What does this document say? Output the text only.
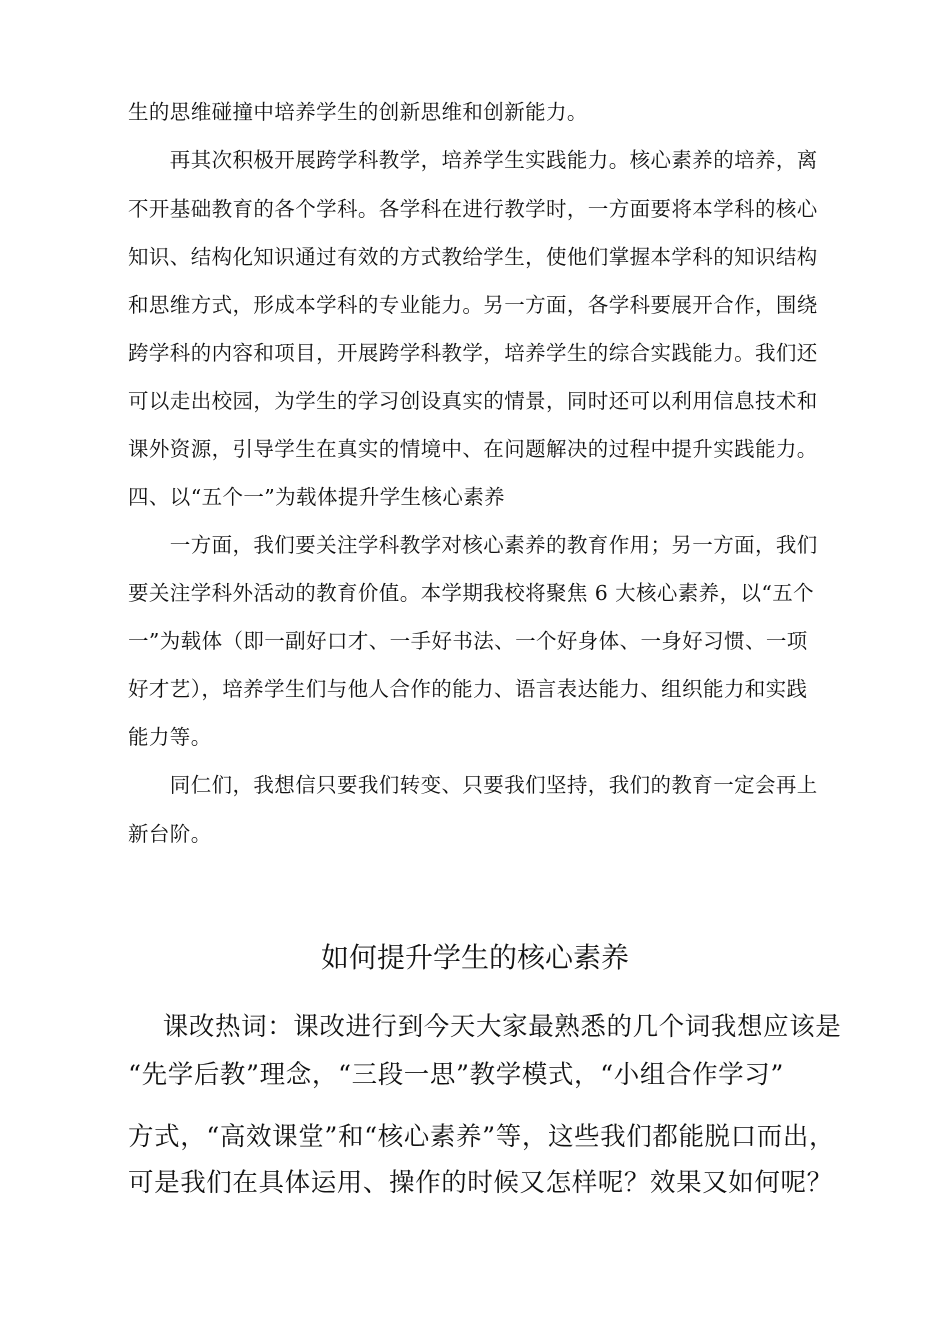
生的思维碰撞中培养学生的创新思维和创新能力。
　　再其次积极开展跨学科教学，培养学生实践能力。核心素养的培养，离
不开基础教育的各个学科。各学科在进行教学时，一方面要将本学科的核心
知识、结构化知识通过有效的方式教给学生，使他们掌握本学科的知识结构
和思维方式，形成本学科的专业能力。另一方面，各学科要展开合作，围绕
跨学科的内容和项目，开展跨学科教学，培养学生的综合实践能力。我们还
可以走出校园，为学生的学习创设真实的情景，同时还可以利用信息技术和
课外资源，引导学生在真实的情境中、在问题解决的过程中提升实践能力。
四、以“五个一”为载体提升学生核心素养
　　一方面，我们要关注学科教学对核心素养的教育作用；另一方面，我们
要关注学科外活动的教育价值。本学期我校将聚焦 6 大核心素养，以“五个
一”为载体（即一副好口才、一手好书法、一个好身体、一身好习惯、一项
好才艺），培养学生们与他人合作的能力、语言表达能力、组织能力和实践
能力等。
　　同仁们，我想信只要我们转变、只要我们坚持，我们的教育一定会再上
新台阶。
如何提升学生的核心素养
　 课改热词：课改进行到今天大家最熟悉的几个词我想应该是
“先学后教”理念，“三段一思”教学模式，“小组合作学习”
方式，“高效课堂”和“核心素养”等，这些我们都能脱口而出，
可是我们在具体运用、操作的时候又怎样呢？效果又如何呢？
